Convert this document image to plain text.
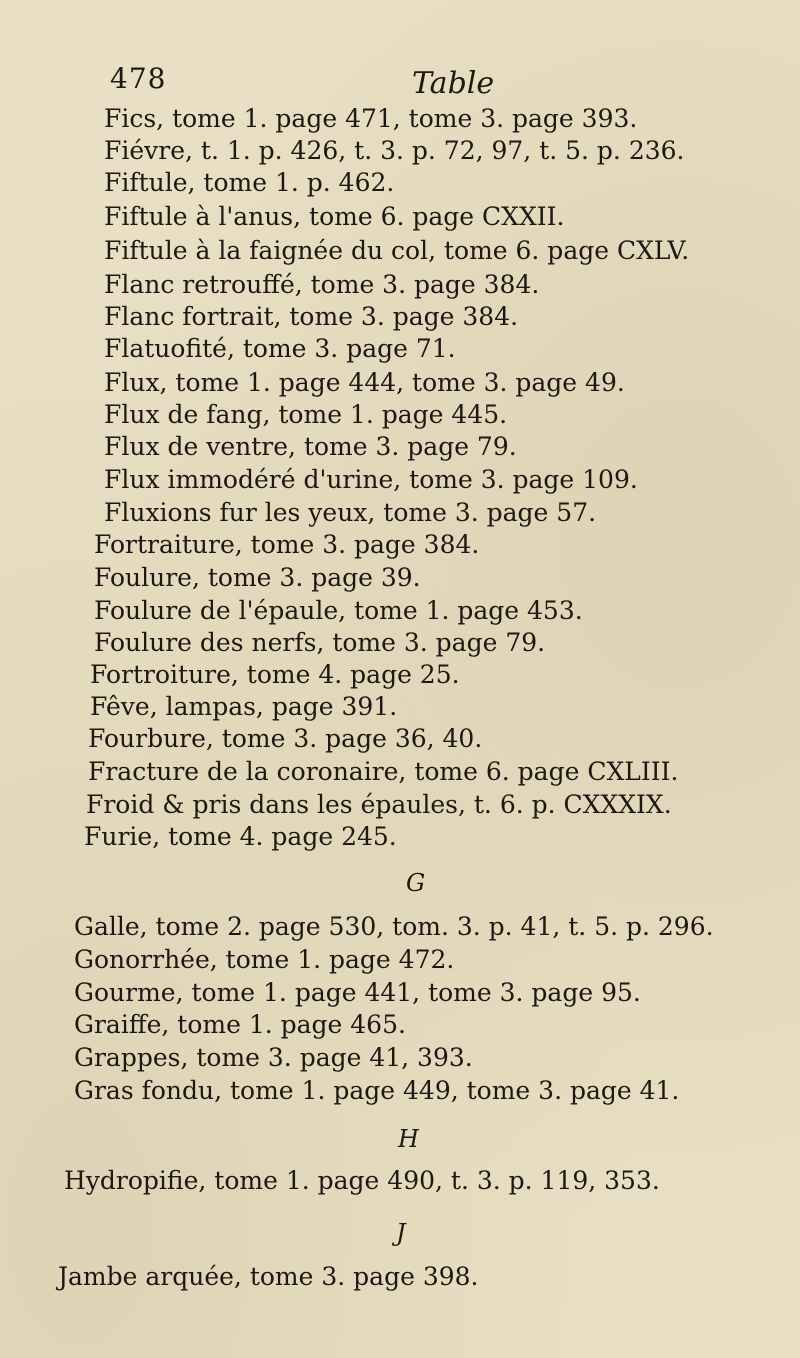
478	Table
Fics, tome 1. page 471, tome 3. page 393.
Fiévre, t. 1. p. 426, t. 3. p. 72, 97, t. 5. p. 236.
Fiftule, tome 1. p. 462.
Fiftule à l'anus, tome 6. page CXXII.
Fiftule à la faignée du col, tome 6. page CXLV.
Flanc retrouffé, tome 3. page 384.
Flanc fortrait, tome 3. page 384.
Flatuofité, tome 3. page 71.
Flux, tome 1. page 444, tome 3. page 49.
Flux de fang, tome 1. page 445.
Flux de ventre, tome 3. page 79.
Flux immodéré d'urine, tome 3. page 109.
Fluxions fur les yeux, tome 3. page 57.
Fortraiture, tome 3. page 384.
Foulure, tome 3. page 39.
Foulure de l'épaule, tome 1. page 453.
Foulure des nerfs, tome 3. page 79.
Fortroiture, tome 4. page 25.
Fêve, lampas, page 391.
Fourbure, tome 3. page 36, 40.
Fracture de la coronaire, tome 6. page CXLIII.
Froid & pris dans les épaules, t. 6. p. CXXXIX.
Furie, tome 4. page 245.
G
Galle, tome 2. page 530, tom. 3. p. 41, t. 5. p. 296.
Gonorrhée, tome 1. page 472.
Gourme, tome 1. page 441, tome 3. page 95.
Graiffe, tome 1. page 465.
Grappes, tome 3. page 41, 393.
Gras fondu, tome 1. page 449, tome 3. page 41.
H
Hydropifie, tome 1. page 490, t. 3. p. 119, 353.
J
Jambe arquée, tome 3. page 398.
